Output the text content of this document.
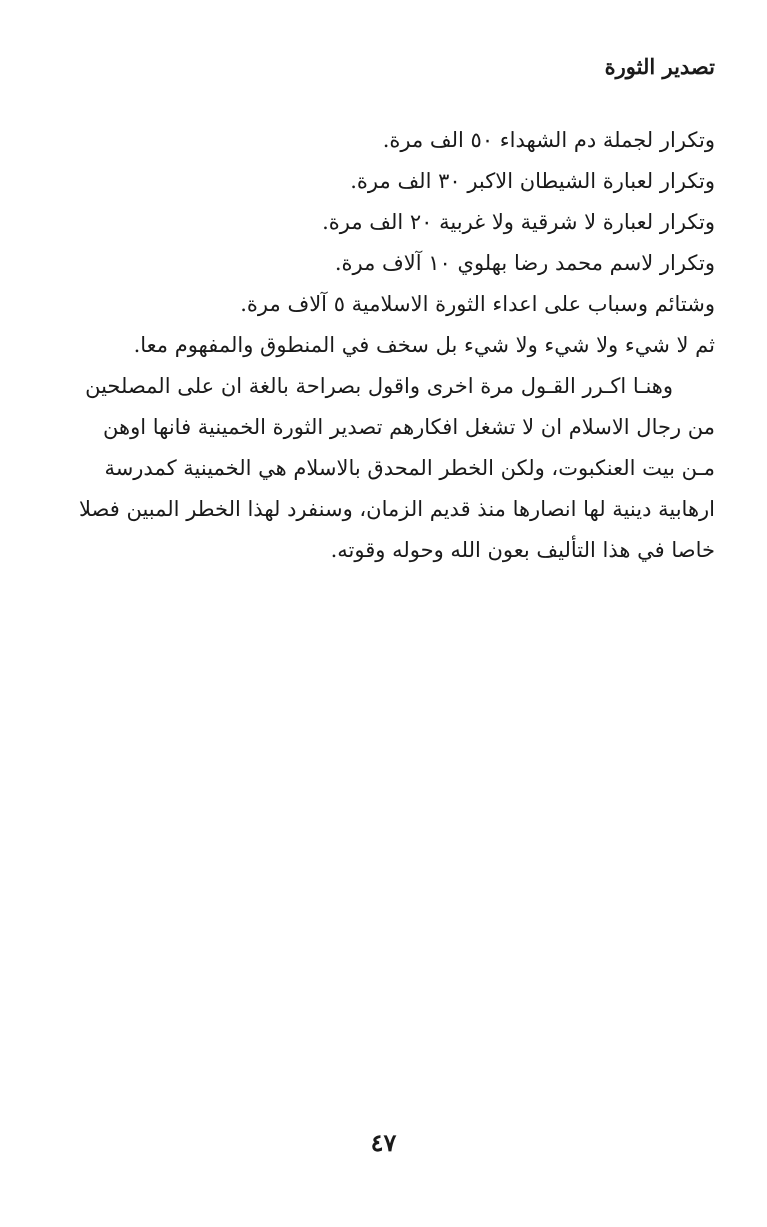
تصدير الثورة
وتكرار لجملة دم الشهداء ٥٠ الف مرة.
وتكرار لعبارة الشيطان الاكبر ٣٠ الف مرة.
وتكرار لعبارة لا شرقية ولا غربية ٢٠ الف مرة.
وتكرار لاسم محمد رضا بهلوي ١٠ آلاف مرة.
وشتائم وسباب على اعداء الثورة الاسلامية ٥ آلاف مرة.
ثم لا شيء ولا شيء ولا شيء بل سخف في المنطوق والمفهوم معا.
وهنـا اكـرر القـول مرة اخرى واقول بصراحة بالغة ان على المصلحين
من رجال الاسلام ان لا تشغل افكارهم تصدير الثورة الخمينية فانها اوهن
مـن بيت العنكبوت، ولكن الخطر المحدق بالاسلام هي الخمينية كمدرسة
ارهابية دينية لها انصارها منذ قديم الزمان، وسنفرد لهذا الخطر المبين فصلا
خاصا في هذا التأليف بعون الله وحوله وقوته.
٤٧
